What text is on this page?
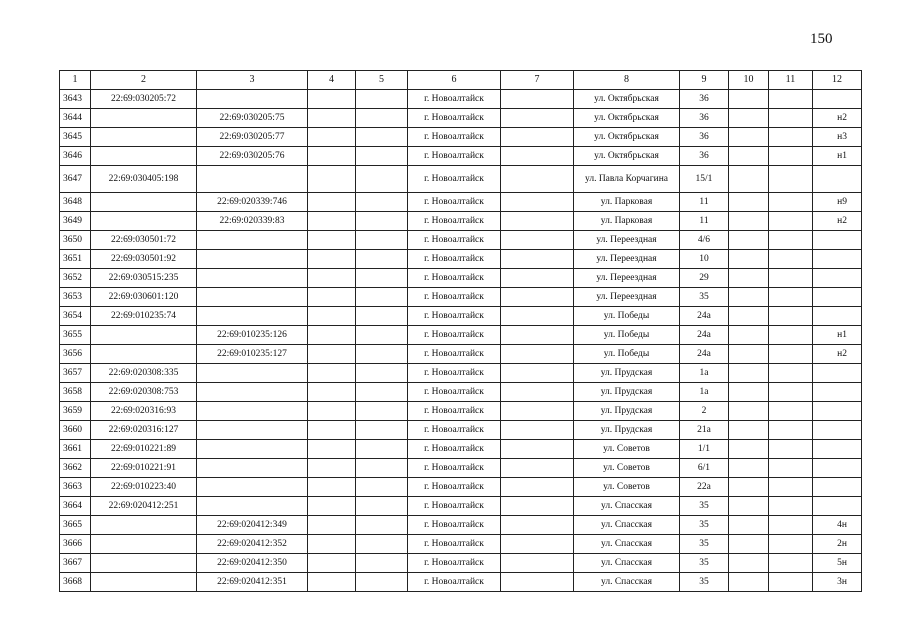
150
1	2	3	4	5	6	7	8	9	10	11	12
3643	22:69:030205:72				г. Новоалтайск		ул. Октябрьская	36			
3644		22:69:030205:75			г. Новоалтайск		ул. Октябрьская	36			н2
3645		22:69:030205:77			г. Новоалтайск		ул. Октябрьская	36			н3
3646		22:69:030205:76			г. Новоалтайск		ул. Октябрьская	36			н1
3647	22:69:030405:198				г. Новоалтайск		ул. Павла Корчагина	15/1			
3648		22:69:020339:746			г. Новоалтайск		ул. Парковая	11			н9
3649		22:69:020339:83			г. Новоалтайск		ул. Парковая	11			н2
3650	22:69:030501:72				г. Новоалтайск		ул. Переездная	4/6			
3651	22:69:030501:92				г. Новоалтайск		ул. Переездная	10			
3652	22:69:030515:235				г. Новоалтайск		ул. Переездная	29			
3653	22:69:030601:120				г. Новоалтайск		ул. Переездная	35			
3654	22:69:010235:74				г. Новоалтайск		ул. Победы	24а			
3655		22:69:010235:126			г. Новоалтайск		ул. Победы	24а			н1
3656		22:69:010235:127			г. Новоалтайск		ул. Победы	24а			н2
3657	22:69:020308:335				г. Новоалтайск		ул. Прудская	1а			
3658	22:69:020308:753				г. Новоалтайск		ул. Прудская	1а			
3659	22:69:020316:93				г. Новоалтайск		ул. Прудская	2			
3660	22:69:020316:127				г. Новоалтайск		ул. Прудская	21а			
3661	22:69:010221:89				г. Новоалтайск		ул. Советов	1/1			
3662	22:69:010221:91				г. Новоалтайск		ул. Советов	6/1			
3663	22:69:010223:40				г. Новоалтайск		ул. Советов	22а			
3664	22:69:020412:251				г. Новоалтайск		ул. Спасская	35			
3665		22:69:020412:349			г. Новоалтайск		ул. Спасская	35			4н
3666		22:69:020412:352			г. Новоалтайск		ул. Спасская	35			2н
3667		22:69:020412:350			г. Новоалтайск		ул. Спасская	35			5н
3668		22:69:020412:351			г. Новоалтайск		ул. Спасская	35			3н
